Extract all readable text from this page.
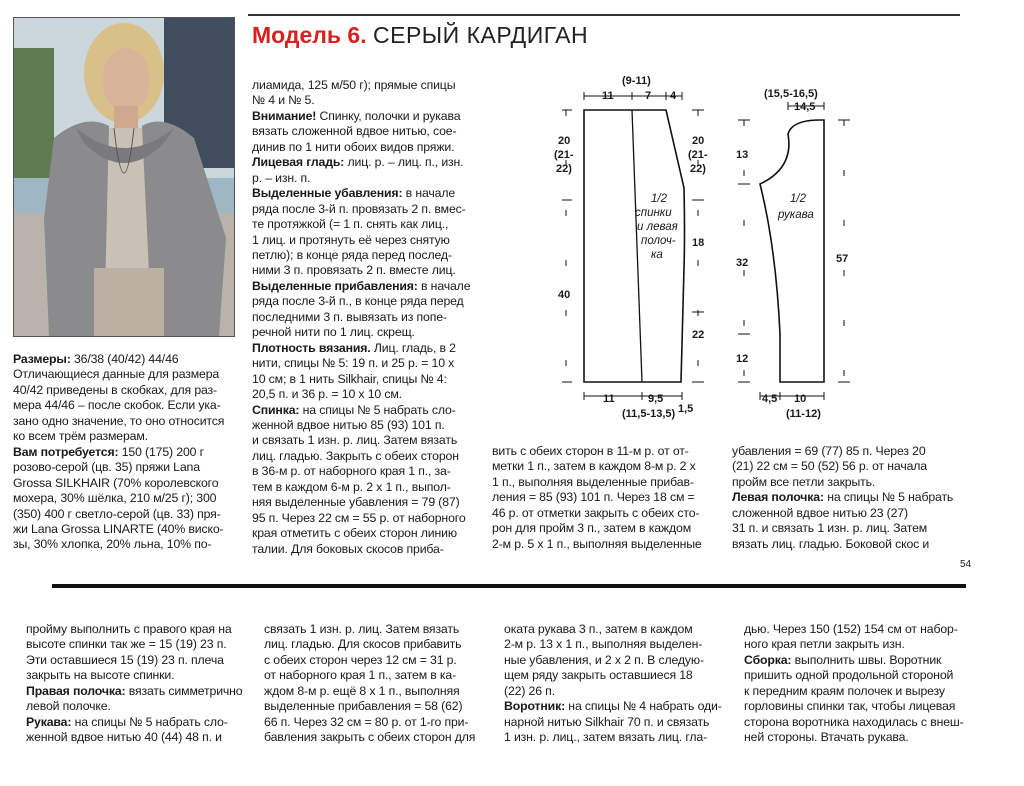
Модель 6. СЕРЫЙ КАРДИГАН

Размеры: 36/38 (40/42) 44/46

Отличающиеся данные для размера
40/42 приведены в скобках, для раз-
мера 44/46 – после скобок. Если ука-
зано одно значение, то оно относится
ко всем трём размерам.

Вам потребуется: 150 (175) 200 г
розово-серой (цв. 35) пряжи Lana
Grossa SILKHAIR (70% королевского
мохера, 30% шёлка, 210 м/25 г); 300
(350) 400 г светло-серой (цв. 33) пря-
жи Lana Grossa LINARTE (40% виско-
зы, 30% хлопка, 20% льна, 10% по-

лиамида, 125 м/50 г); прямые спицы

№ 4 и № 5.

Внимание! Спинку, полочки и рукава

вязать сложенной вдвое нитью, сое-

динив по 1 нити обоих видов пряжи.

Лицевая гладь: лиц. р. – лиц. п., изн.

р. – изн. п.

Выделенные убавления: в начале

ряда после 3-й п. провязать 2 п. вмес-

те протяжкой (= 1 п. снять как лиц.,

1 лиц. и протянуть её через снятую

петлю); в конце ряда перед послед-

ними 3 п. провязать 2 п. вместе лиц.

Выделенные прибавления: в начале

ряда после 3-й п., в конце ряда перед

последними 3 п. вывязать из попе-

речной нити по 1 лиц. скрещ.

Плотность вязания. Лиц. гладь, в 2

нити, спицы № 5: 19 п. и 25 р. = 10 х

10 см; в 1 нить Silkhair, спицы № 4:

20,5 п. и 36 р. = 10 х 10 см.

Спинка: на спицы № 5 набрать сло-

женной вдвое нитью 85 (93) 101 п.

и связать 1 изн. р. лиц. Затем вязать

лиц. гладью. Закрыть с обеих сторон

в 36-м р. от наборного края 1 п., за-

тем в каждом 6-м р. 2 х 1 п., выпол-

няя выделенные убавления = 79 (87)

95 п. Через 22 см = 55 р. от наборного

края отметить с обеих сторон линию

талии. Для боковых скосов приба-

вить с обеих сторон в 11-м р. от от-

метки 1 п., затем в каждом 8-м р. 2 х

1 п., выполняя выделенные прибав-

ления = 85 (93) 101 п. Через 18 см =

46 р. от отметки закрыть с обеих сто-

рон для пройм 3 п., затем в каждом

2-м р. 5 х 1 п., выполняя выделенные

убавления = 69 (77) 85 п. Через 20

(21) 22 см = 50 (52) 56 р. от начала

пройм все петли закрыть.

Левая полочка: на спицы № 5 набрать

сложенной вдвое нитью 23 (27)

31 п. и связать 1 изн. р. лиц. Затем

вязать лиц. гладью. Боковой скос и

54

пройму выполнить с правого края на

высоте спинки так же = 15 (19) 23 п.

Эти оставшиеся 15 (19) 23 п. плеча

закрыть на высоте спинки.

Правая полочка: вязать симметрично

левой полочке.

Рукава: на спицы № 5 набрать сло-

женной вдвое нитью 40 (44) 48 п. и

связать 1 изн. р. лиц. Затем вязать

лиц. гладью. Для скосов прибавить

с обеих сторон через 12 см = 31 р.

от наборного края 1 п., затем в ка-

ждом 8-м р. ещё 8 х 1 п., выполняя

выделенные прибавления = 58 (62)

66 п. Через 32 см = 80 р. от 1-го при-

бавления закрыть с обеих сторон для

оката рукава 3 п., затем в каждом

2-м р. 13 х 1 п., выполняя выделен-

ные убавления, и 2 х 2 п. В следую-

щем ряду закрыть оставшиеся 18

(22) 26 п.

Воротник: на спицы № 4 набрать оди-

нарной нитью Silkhair 70 п. и связать

1 изн. р. лиц., затем вязать лиц. гла-

дью. Через 150 (152) 154 см от набор-

ного края петли закрыть изн.

Сборка: выполнить швы. Воротник

пришить одной продольной стороной

к передним краям полочек и вырезу

горловины спинки так, чтобы лицевая

сторона воротника находилась с внеш-

ней стороны. Втачать рукава.

(9-11)
11	7 4
20
(21-
22)
40
20
(21-
22)
18
22
11	9,5
(11,5-13,5) 1,5
1/2
спинки
и левая
полоч-
ка
(15,5-16,5)
14,5
13
32
12
57
4,5 10
(11-12)
1/2
рукава
